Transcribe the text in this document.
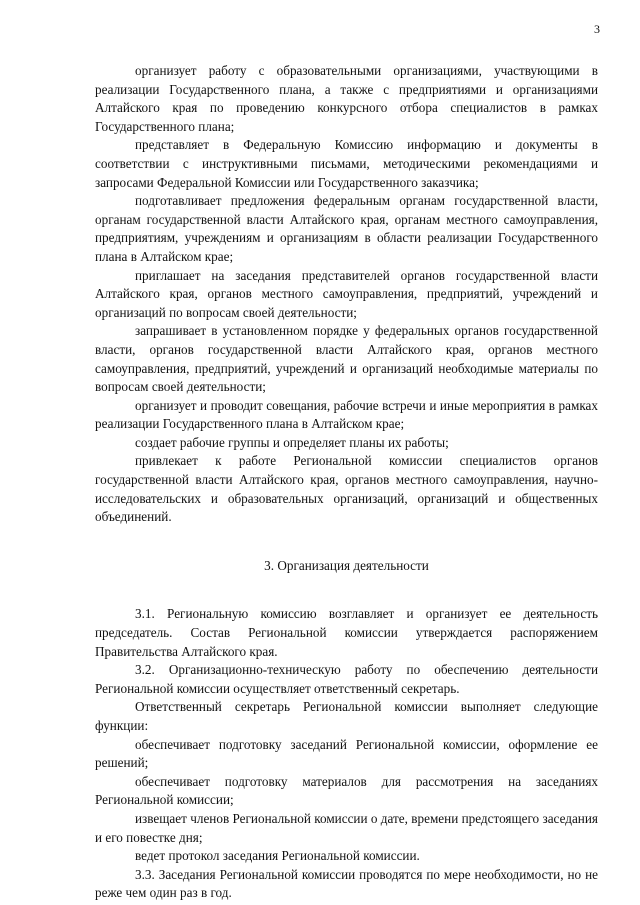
3

организует работу с образовательными организациями, участвующими в реализации Государственного плана, а также с предприятиями и организациями Алтайского края по проведению конкурсного отбора специалистов в рамках Государственного плана;

представляет в Федеральную Комиссию информацию и документы в соответствии с инструктивными письмами, методическими рекомендациями и запросами Федеральной Комиссии или Государственного заказчика;

подготавливает предложения федеральным органам государственной власти, органам государственной власти Алтайского края, органам местного самоуправления, предприятиям, учреждениям и организациям в области реализации Государственного плана в Алтайском крае;

приглашает на заседания представителей органов государственной власти Алтайского края, органов местного самоуправления, предприятий, учреждений и организаций по вопросам своей деятельности;

запрашивает в установленном порядке у федеральных органов государственной власти, органов государственной власти Алтайского края, органов местного самоуправления, предприятий, учреждений и организаций необходимые материалы по вопросам своей деятельности;

организует и проводит совещания, рабочие встречи и иные мероприятия в рамках реализации Государственного плана в Алтайском крае;

создает рабочие группы и определяет планы их работы;

привлекает к работе Региональной комиссии специалистов органов государственной власти Алтайского края, органов местного самоуправления, научно-исследовательских и образовательных организаций, организаций и общественных объединений.

3. Организация деятельности

3.1. Региональную комиссию возглавляет и организует ее деятельность председатель. Состав Региональной комиссии утверждается распоряжением Правительства Алтайского края.

3.2. Организационно-техническую работу по обеспечению деятельности Региональной комиссии осуществляет ответственный секретарь.

Ответственный секретарь Региональной комиссии выполняет следующие функции:

обеспечивает подготовку заседаний Региональной комиссии, оформление ее решений;

обеспечивает подготовку материалов для рассмотрения на заседаниях Региональной комиссии;

извещает членов Региональной комиссии о дате, времени предстоящего заседания и его повестке дня;

ведет протокол заседания Региональной комиссии.

3.3. Заседания Региональной комиссии проводятся по мере необходимости, но не реже чем один раз в год.
